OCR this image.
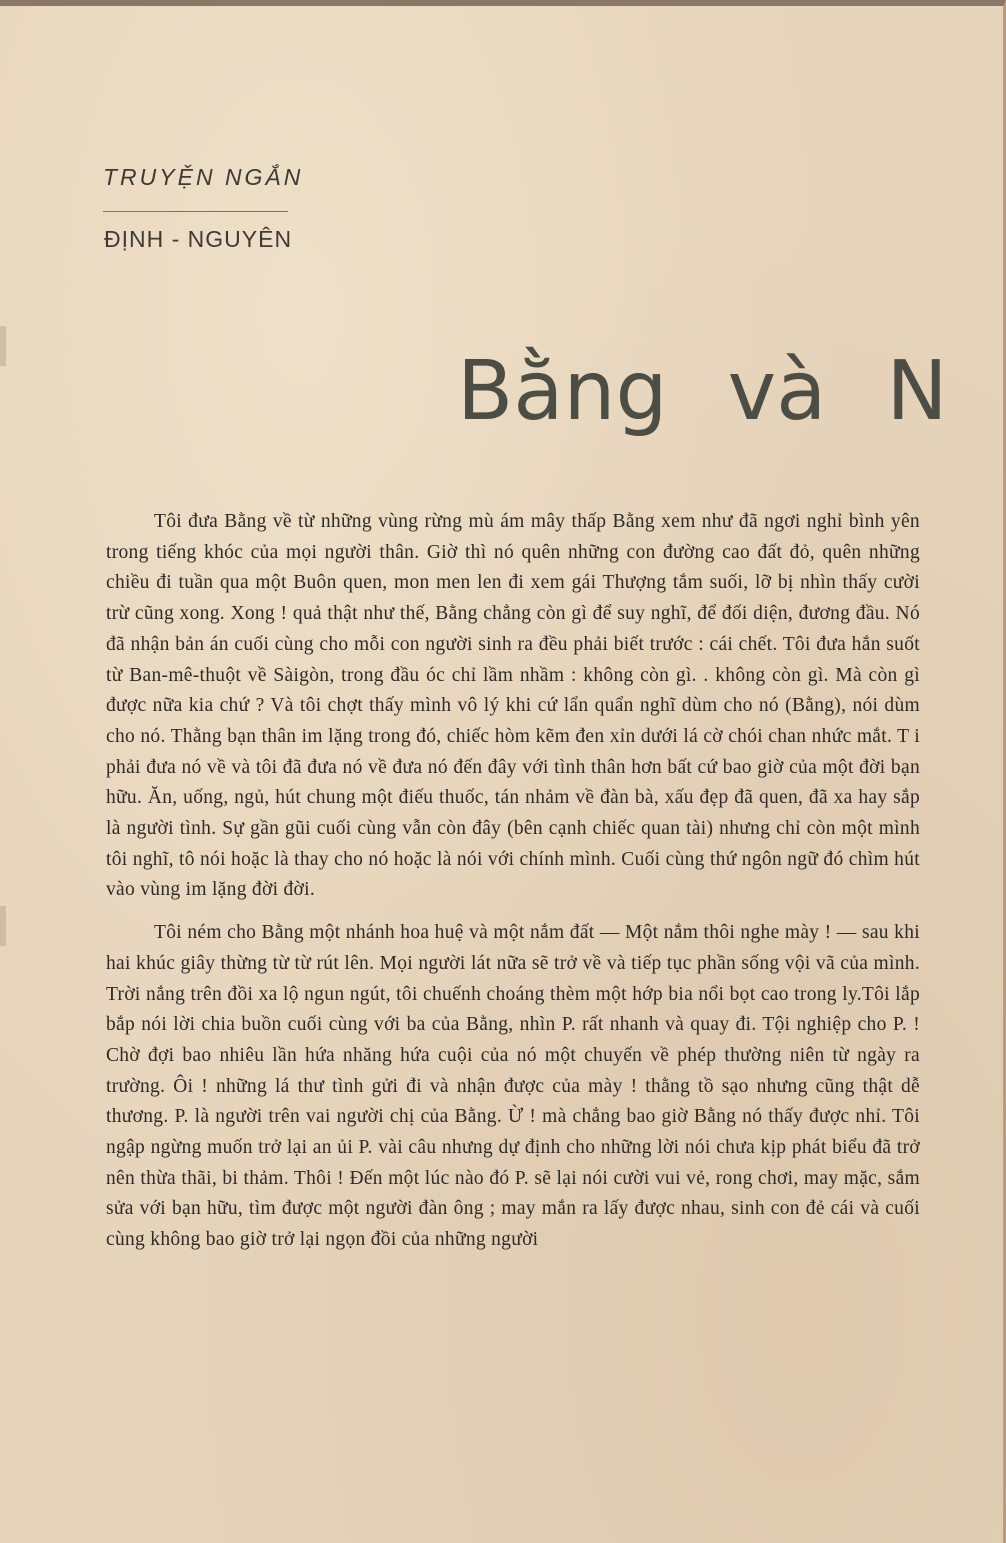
TRUYỆN NGẮN
ĐỊNH - NGUYÊN
Bằng và N

Tôi đưa Bằng về từ những vùng rừng mù ám mây thấp Bằng xem như đã ngơi nghỉ bình yên trong tiếng khóc của mọi người thân. Giờ thì nó quên những con đường cao đất đỏ, quên những chiều đi tuần qua một Buôn quen, mon men len đi xem gái Thượng tắm suối, lỡ bị nhìn thấy cười trừ cũng xong. Xong ! quả thật như thế, Bằng chẳng còn gì để suy nghĩ, để đối diện, đương đầu. Nó đã nhận bản án cuối cùng cho mỗi con người sinh ra đều phải biết trước : cái chết. Tôi đưa hắn suốt từ Ban-mê-thuột về Sàigòn, trong đầu óc chỉ lầm nhầm : không còn gì. . không còn gì. Mà còn gì được nữa kia chứ ? Và tôi chợt thấy mình vô lý khi cứ lẩn quẩn nghĩ dùm cho nó (Bằng), nói dùm cho nó. Thằng bạn thân im lặng trong đó, chiếc hòm kẽm đen xỉn dưới lá cờ chói chan nhức mắt. T i phải đưa nó về và tôi đã đưa nó về đưa nó đến đây với tình thân hơn bất cứ bao giờ của một đời bạn hữu. Ăn, uống, ngủ, hút chung một điếu thuốc, tán nhảm về đàn bà, xấu đẹp đã quen, đã xa hay sắp là người tình. Sự gần gũi cuối cùng vẫn còn đây (bên cạnh chiếc quan tài) nhưng chỉ còn một mình tôi nghĩ, tô nói hoặc là thay cho nó hoặc là nói với chính mình. Cuối cùng thứ ngôn ngữ đó chìm hút vào vùng im lặng đời đời.

Tôi ném cho Bằng một nhánh hoa huệ và một nắm đất — Một nắm thôi nghe mày ! — sau khi hai khúc giây thừng từ từ rút lên. Mọi người lát nữa sẽ trở về và tiếp tục phần sống vội vã của mình. Trời nắng trên đồi xa lộ ngun ngút, tôi chuếnh choáng thèm một hớp bia nổi bọt cao trong ly.Tôi lắp bắp nói lời chia buồn cuối cùng với ba của Bằng, nhìn P. rất nhanh và quay đi. Tội nghiệp cho P. ! Chờ đợi bao nhiêu lần hứa nhăng hứa cuội của nó một chuyến về phép thường niên từ ngày ra trường. Ôi ! những lá thư tình gửi đi và nhận được của mày ! thằng tồ sạo nhưng cũng thật dễ thương. P. là người trên vai người chị của Bằng. Ừ ! mà chẳng bao giờ Bằng nó thấy được nhỉ. Tôi ngập ngừng muốn trở lại an ủi P. vài câu nhưng dự định cho những lời nói chưa kịp phát biểu đã trở nên thừa thãi, bi thảm. Thôi ! Đến một lúc nào đó P. sẽ lại nói cười vui vẻ, rong chơi, may mặc, sắm sửa với bạn hữu, tìm được một người đàn ông ; may mắn ra lấy được nhau, sinh con đẻ cái và cuối cùng không bao giờ trở lại ngọn đồi của những người
